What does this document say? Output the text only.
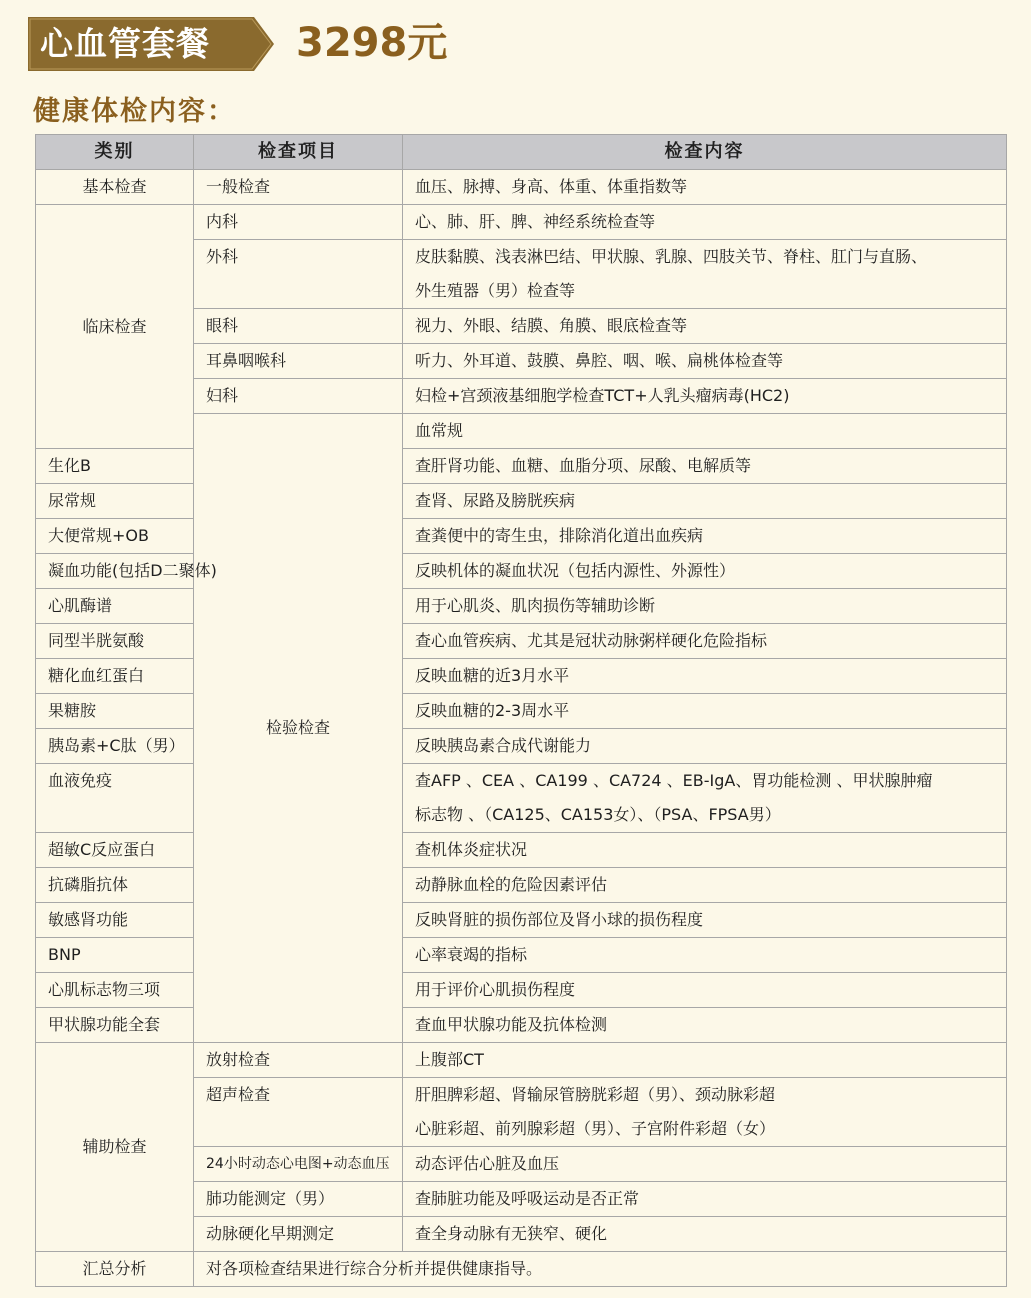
心血管套餐 3298元
健康体检内容：
类别	检查项目	检查内容	
基本检查	一般检查	血压、脉搏、身高、体重、体重指数等	
临床检查	内科	心、肺、肝、脾、神经系统检查等	
	外科	皮肤黏膜、浅表淋巴结、甲状腺、乳腺、四肢关节、脊柱、肛门与直肠、
外生殖器（男）检查等	

	眼科	视力、外眼、结膜、角膜、眼底检查等	
	耳鼻咽喉科	听力、外耳道、鼓膜、鼻腔、咽、喉、扁桃体检查等	
	妇科	妇检+宫颈液基细胞学检查TCT+人乳头瘤病毒(HC2)	
	检验检查	血常规	
生化B		查肝肾功能、血糖、血脂分项、尿酸、电解质等	
尿常规		查肾、尿路及膀胱疾病	
大便常规+OB		查粪便中的寄生虫，排除消化道出血疾病	
凝血功能(包括D二聚体)		反映机体的凝血状况（包括内源性、外源性）	
心肌酶谱		用于心肌炎、肌肉损伤等辅助诊断	
同型半胱氨酸		查心血管疾病、尤其是冠状动脉粥样硬化危险指标	
糖化血红蛋白		反映血糖的近3月水平	
果糖胺		反映血糖的2-3周水平	
胰岛素+C肽（男）		反映胰岛素合成代谢能力	
血液免疫		查AFP 、CEA 、CA199 、CA724 、EB-IgA、胃功能检测 、甲状腺肿瘤
标志物 、（CA125、CA153女）、（PSA、FPSA男）	

超敏C反应蛋白		查机体炎症状况	
抗磷脂抗体		动静脉血栓的危险因素评估	
敏感肾功能		反映肾脏的损伤部位及肾小球的损伤程度	
BNP		心率衰竭的指标	
心肌标志物三项		用于评价心肌损伤程度	
甲状腺功能全套		查血甲状腺功能及抗体检测	
辅助检查	放射检查	上腹部CT	
	超声检查	肝胆脾彩超、肾输尿管膀胱彩超（男）、颈动脉彩超
心脏彩超、前列腺彩超（男）、子宫附件彩超（女）	

	24小时动态心电图+动态血压	动态评估心脏及血压	
	肺功能测定（男）	查肺脏功能及呼吸运动是否正常	
	动脉硬化早期测定	查全身动脉有无狭窄、硬化	
汇总分析	对各项检查结果进行综合分析并提供健康指导。		
